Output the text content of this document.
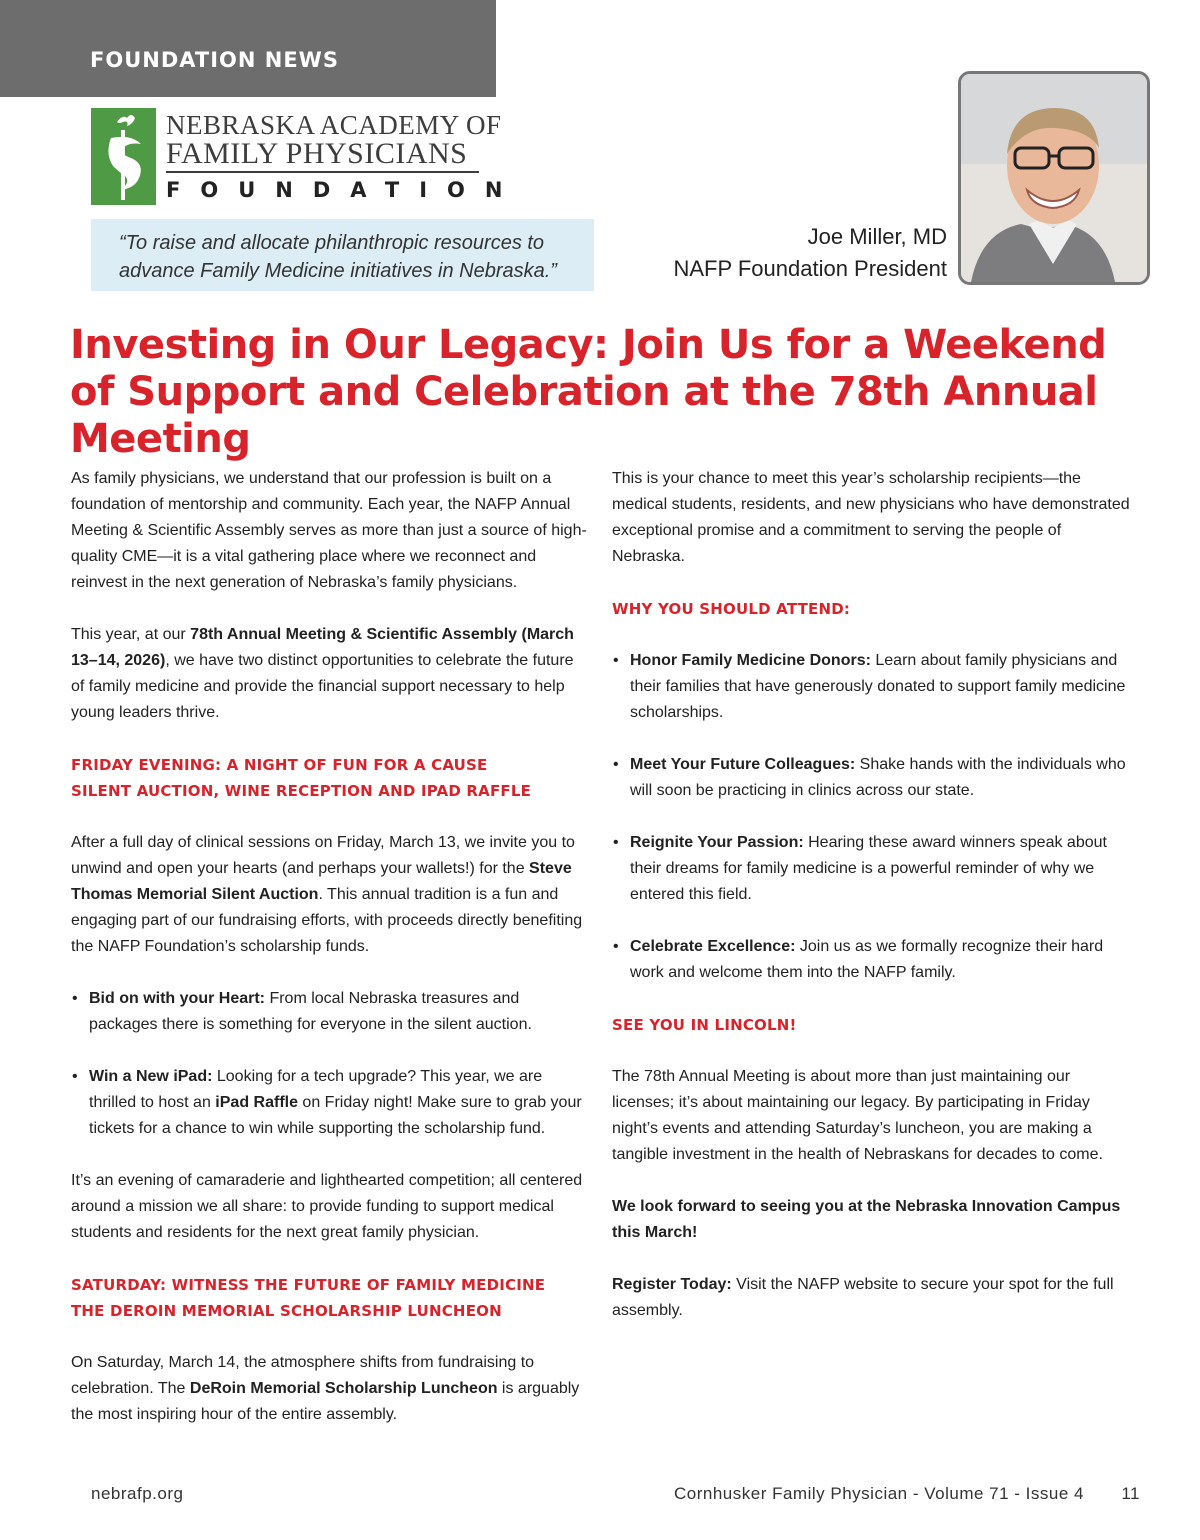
FOUNDATION NEWS
NEBRASKA ACADEMY OF
FAMILY PHYSICIANS
FOUNDATION
“To raise and allocate philanthropic resources to advance Family Medicine initiatives in Nebraska.”
Joe Miller, MD
NAFP Foundation President
Investing in Our Legacy: Join Us for a Weekend of Support and Celebration at the 78th Annual Meeting

As family physicians, we understand that our profession is built on a foundation of mentorship and community. Each year, the NAFP Annual Meeting & Scientific Assembly serves as more than just a source of high-quality CME—it is a vital gathering place where we reconnect and reinvest in the next generation of Nebraska’s family physicians.

This year, at our 78th Annual Meeting & Scientific Assembly (March 13–14, 2026), we have two distinct opportunities to celebrate the future of family medicine and provide the financial support necessary to help young leaders thrive.

FRIDAY EVENING: A NIGHT OF FUN FOR A CAUSE
SILENT AUCTION, WINE RECEPTION AND IPAD RAFFLE

After a full day of clinical sessions on Friday, March 13, we invite you to unwind and open your hearts (and perhaps your wallets!) for the Steve Thomas Memorial Silent Auction. This annual tradition is a fun and engaging part of our fundraising efforts, with proceeds directly benefiting the NAFP Foundation’s scholarship funds.

• Bid on with your Heart: From local Nebraska treasures and packages there is something for everyone in the silent auction.
• Win a New iPad: Looking for a tech upgrade? This year, we are thrilled to host an iPad Raffle on Friday night! Make sure to grab your tickets for a chance to win while supporting the scholarship fund.

It’s an evening of camaraderie and lighthearted competition; all centered around a mission we all share: to provide funding to support medical students and residents for the next great family physician.

SATURDAY: WITNESS THE FUTURE OF FAMILY MEDICINE
THE DEROIN MEMORIAL SCHOLARSHIP LUNCHEON

On Saturday, March 14, the atmosphere shifts from fundraising to celebration. The DeRoin Memorial Scholarship Luncheon is arguably the most inspiring hour of the entire assembly.

This is your chance to meet this year’s scholarship recipients—the medical students, residents, and new physicians who have demonstrated exceptional promise and a commitment to serving the people of Nebraska.

WHY YOU SHOULD ATTEND:
• Honor Family Medicine Donors: Learn about family physicians and their families that have generously donated to support family medicine scholarships.
• Meet Your Future Colleagues: Shake hands with the individuals who will soon be practicing in clinics across our state.
• Reignite Your Passion: Hearing these award winners speak about their dreams for family medicine is a powerful reminder of why we entered this field.
• Celebrate Excellence: Join us as we formally recognize their hard work and welcome them into the NAFP family.
SEE YOU IN LINCOLN!

The 78th Annual Meeting is about more than just maintaining our licenses; it’s about maintaining our legacy. By participating in Friday night’s events and attending Saturday’s luncheon, you are making a tangible investment in the health of Nebraskans for decades to come.

We look forward to seeing you at the Nebraska Innovation Campus this March!

Register Today: Visit the NAFP website to secure your spot for the full assembly.

nebrafp.org	Cornhusker Family Physician - Volume 71 - Issue 4 11
